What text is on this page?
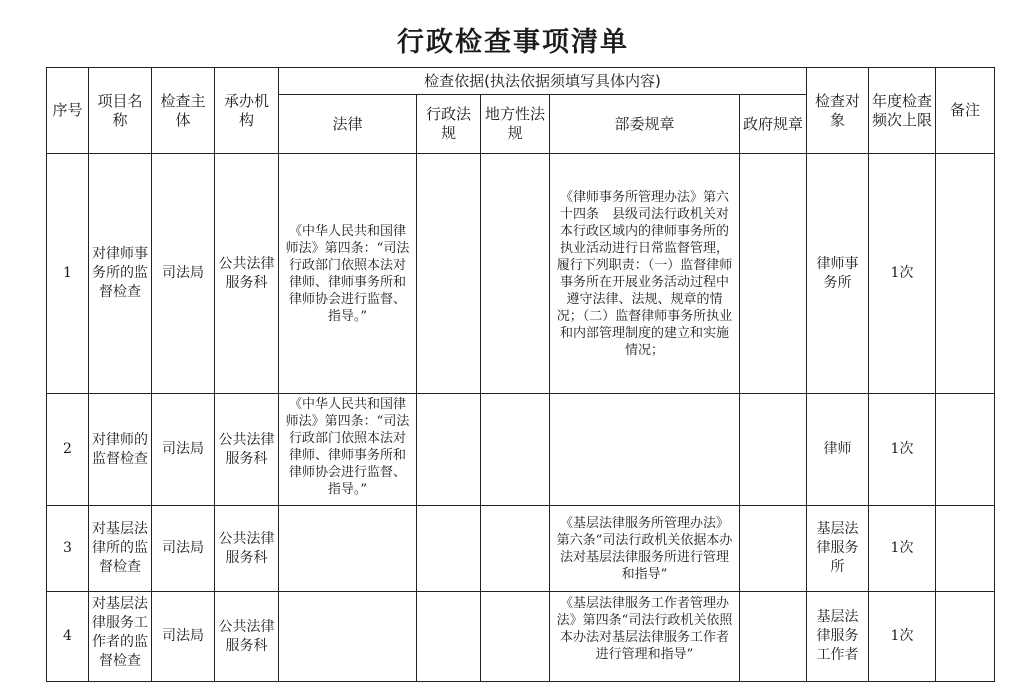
行政检查事项清单
序号	项目名称	检查主体	承办机构	检查依据(执法依据须填写具体内容)					检查对象	年度检查频次上限	备注
				法律	行政法规	地方性法规	部委规章	政府规章			
1	对律师事务所的监督检查	司法局	公共法律服务科	《中华人民共和国律师法》第四条：“司法行政部门依照本法对律师、律师事务所和律师协会进行监督、指导。”			《律师事务所管理办法》第六十四条　县级司法行政机关对本行政区域内的律师事务所的执业活动进行日常监督管理，履行下列职责：（一）监督律师事务所在开展业务活动过程中遵守法律、法规、规章的情况；（二）监督律师事务所执业和内部管理制度的建立和实施情况；		律师事务所	1次	
2	对律师的监督检查	司法局	公共法律服务科	《中华人民共和国律师法》第四条：“司法行政部门依照本法对律师、律师事务所和律师协会进行监督、指导。”					律师	1次	
3	对基层法律所的监督检查	司法局	公共法律服务科				《基层法律服务所管理办法》第六条“司法行政机关依据本办法对基层法律服务所进行管理和指导”		基层法律服务所	1次	
4	对基层法律服务工作者的监督检查	司法局	公共法律服务科				《基层法律服务工作者管理办法》第四条“司法行政机关依照本办法对基层法律服务工作者进行管理和指导”		基层法律服务工作者	1次	
